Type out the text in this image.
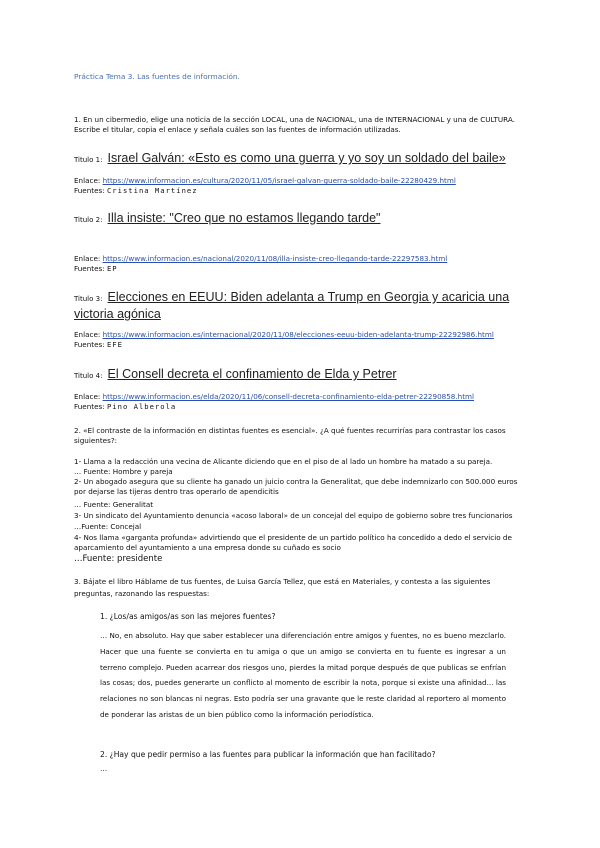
Práctica Tema 3. Las fuentes de información.
1. En un cibermedio, elige una noticia de la sección LOCAL, una de NACIONAL, una de INTERNACIONAL y una de CULTURA. Escribe el titular, copia el enlace y señala cuáles son las fuentes de información utilizadas.
Titulo 1: Israel Galván: «Esto es como una guerra y yo soy un soldado del baile»
Enlace: https://www.informacion.es/cultura/2020/11/05/israel-galvan-guerra-soldado-baile-22280429.html
Fuentes: Cristina Martínez
Titulo 2: Illa insiste: "Creo que no estamos llegando tarde"
Enlace: https://www.informacion.es/nacional/2020/11/08/illa-insiste-creo-llegando-tarde-22297583.html
Fuentes: EP
Titulo 3: Elecciones en EEUU: Biden adelanta a Trump en Georgia y acaricia una
victoria agónica
Enlace: https://www.informacion.es/internacional/2020/11/08/elecciones-eeuu-biden-adelanta-trump-22292986.html
Fuentes: EFE
Titulo 4: El Consell decreta el confinamiento de Elda y Petrer
Enlace: https://www.informacion.es/elda/2020/11/06/consell-decreta-confinamiento-elda-petrer-22290858.html
Fuentes: Pino Alberola
2. «El contraste de la información en distintas fuentes es esencial». ¿A qué fuentes recurrirías para contrastar los casos siguientes?:
1- Llama a la redacción una vecina de Alicante diciendo que en el piso de al lado un hombre ha matado a su pareja.
… Fuente: Hombre y pareja
2- Un abogado asegura que su cliente ha ganado un juicio contra la Generalitat, que debe indemnizarlo con 500.000 euros
por dejarse las tijeras dentro tras operarlo de apendicitis
… Fuente: Generalitat
3- Un sindicato del Ayuntamiento denuncia «acoso laboral» de un concejal del equipo de gobierno sobre tres funcionarios
…Fuente: Concejal
4- Nos llama «garganta profunda» advirtiendo que el presidente de un partido político ha concedido a dedo el servicio de
aparcamiento del ayuntamiento a una empresa donde su cuñado es socio
…Fuente: presidente
3. Bájate el libro Háblame de tus fuentes, de Luisa García Tellez, que está en Materiales, y contesta a las siguientes preguntas, razonando las respuestas:
1. ¿Los/as amigos/as son las mejores fuentes?
… No, en absoluto. Hay que saber establecer una diferenciación entre amigos y fuentes, no es bueno mezclarlo. Hacer que una fuente se convierta en tu amiga o que un amigo se convierta en tu fuente es ingresar a un terreno complejo. Pueden acarrear dos riesgos uno, pierdes la mitad porque después de que publicas se enfrían las cosas; dos, puedes generarte un conflicto al momento de escribir la nota, porque si existe una afinidad... las relaciones no son blancas ni negras. Esto podría ser una gravante que le reste claridad al reportero al momento de ponderar las aristas de un bien público como la información periodística.
2. ¿Hay que pedir permiso a las fuentes para publicar la información que han facilitado?
…
